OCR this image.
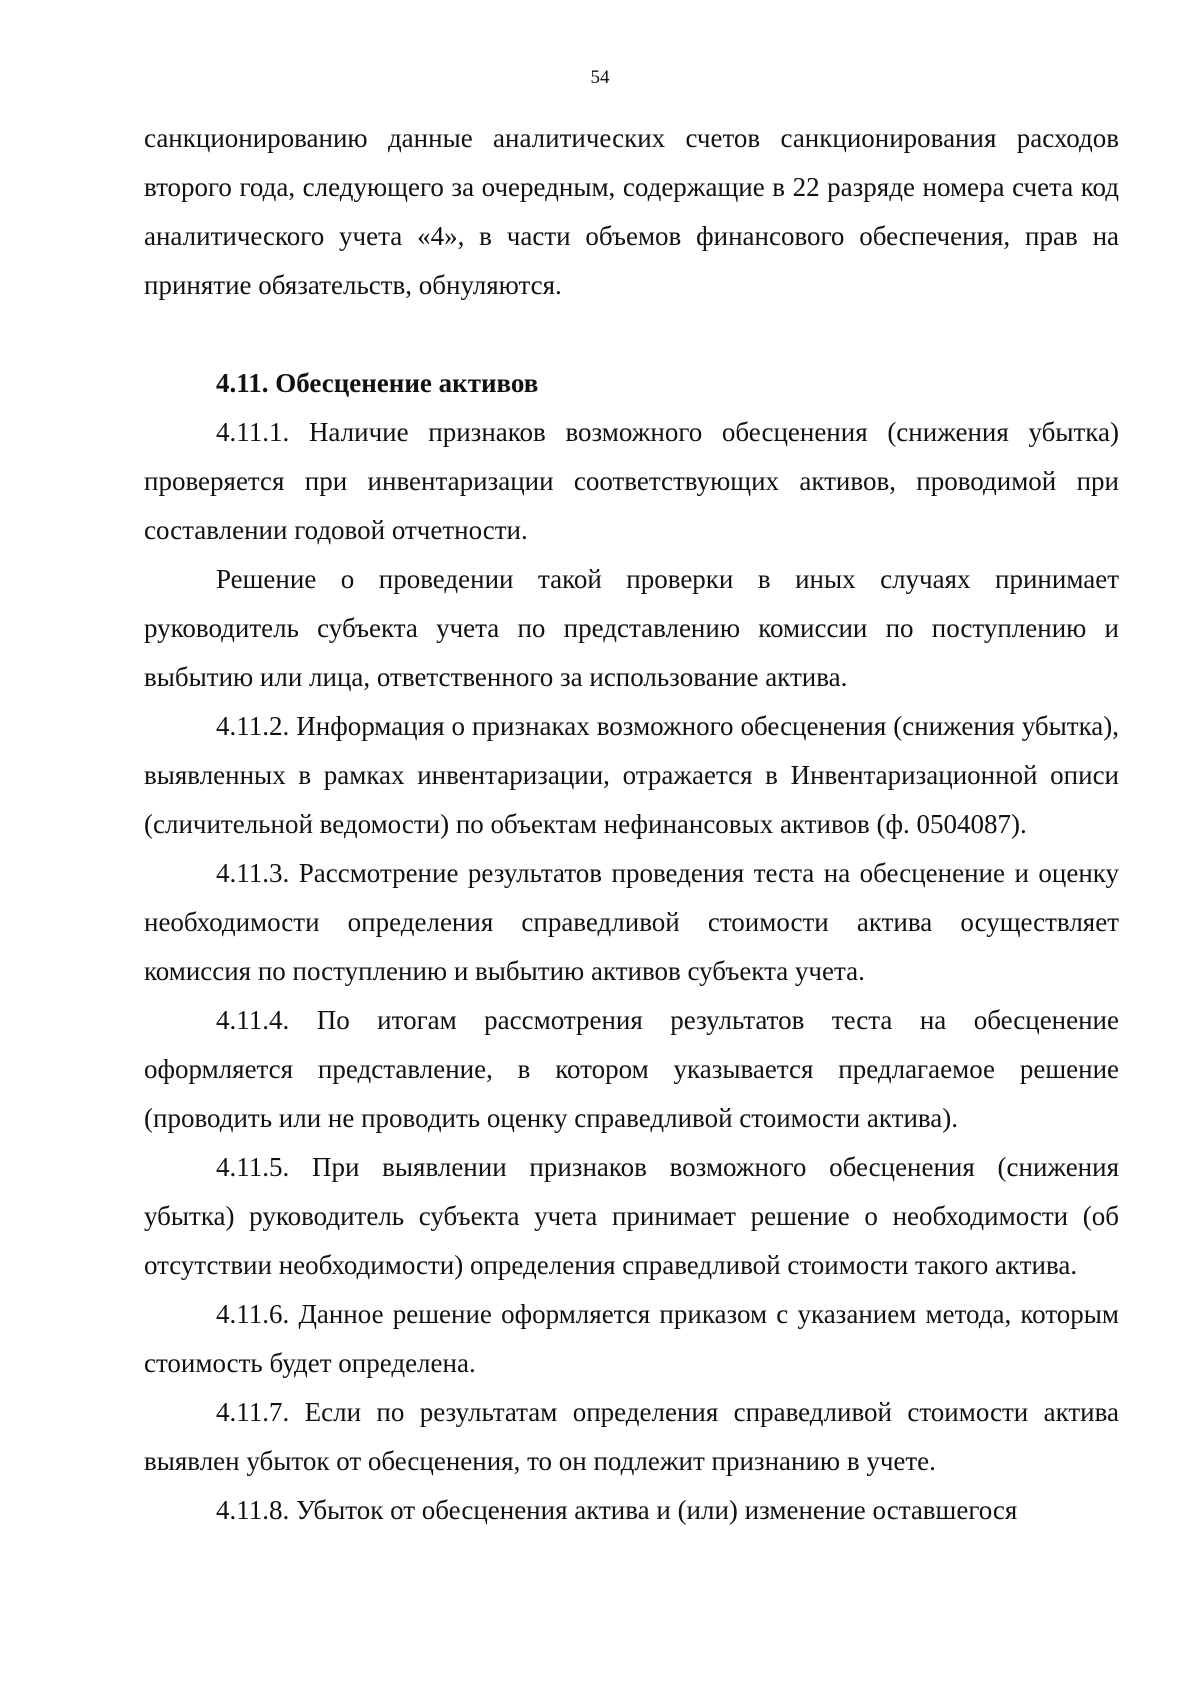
54

санкционированию данные аналитических счетов санкционирования расходов второго года, следующего за очередным, содержащие в 22 разряде номера счета код аналитического учета «4», в части объемов финансового обеспечения, прав на принятие обязательств, обнуляются.

4.11. Обесценение активов

4.11.1. Наличие признаков возможного обесценения (снижения убытка) проверяется при инвентаризации соответствующих активов, проводимой при составлении годовой отчетности.

Решение о проведении такой проверки в иных случаях принимает руководитель субъекта учета по представлению комиссии по поступлению и выбытию или лица, ответственного за использование актива.

4.11.2. Информация о признаках возможного обесценения (снижения убытка), выявленных в рамках инвентаризации, отражается в Инвентаризационной описи (сличительной ведомости) по объектам нефинансовых активов (ф. 0504087).

4.11.3. Рассмотрение результатов проведения теста на обесценение и оценку необходимости определения справедливой стоимости актива осуществляет комиссия по поступлению и выбытию активов субъекта учета.

4.11.4. По итогам рассмотрения результатов теста на обесценение оформляется представление, в котором указывается предлагаемое решение (проводить или не проводить оценку справедливой стоимости актива).

4.11.5. При выявлении признаков возможного обесценения (снижения убытка) руководитель субъекта учета принимает решение о необходимости (об отсутствии необходимости) определения справедливой стоимости такого актива.

4.11.6. Данное решение оформляется приказом с указанием метода, которым стоимость будет определена.

4.11.7. Если по результатам определения справедливой стоимости актива выявлен убыток от обесценения, то он подлежит признанию в учете.

4.11.8. Убыток от обесценения актива и (или) изменение оставшегося
